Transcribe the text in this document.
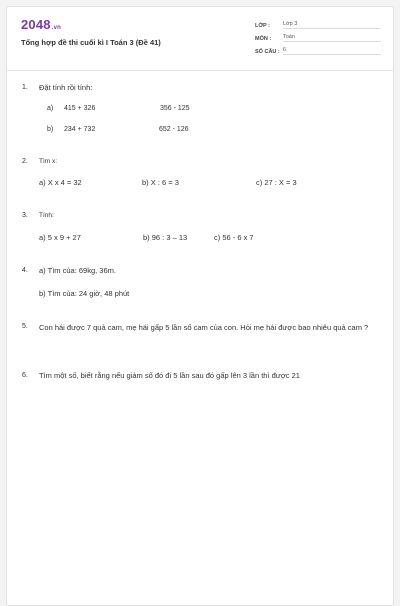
2048.vn
Tổng hợp đề thi cuối kì I Toán 3 (Đề 41)
LỚP :	Lớp 3
MÔN :	Toán
SỐ CÂU : 6
1. Đặt tính rồi tính:
a) 415 + 326	356 - 125
b) 234 + 732	652 - 126
2. Tìm x:
a) X x 4 = 32	b) X : 6 = 3	c) 27 : X = 3
3. Tính:
a) 5 x 9 + 27	b) 96 : 3 – 13	c) 56 - 6 x 7
4. a) Tìm của: 69kg, 36m.
b) Tìm của: 24 giờ, 48 phút
5. Con hái được 7 quả cam, mẹ hái gấp 5 lần số cam của con. Hỏi mẹ hái được bao nhiêu quả cam ?
6. Tìm một số, biết rằng nếu giảm số đó đi 5 lần sau đó gấp lên 3 lần thì được 21
